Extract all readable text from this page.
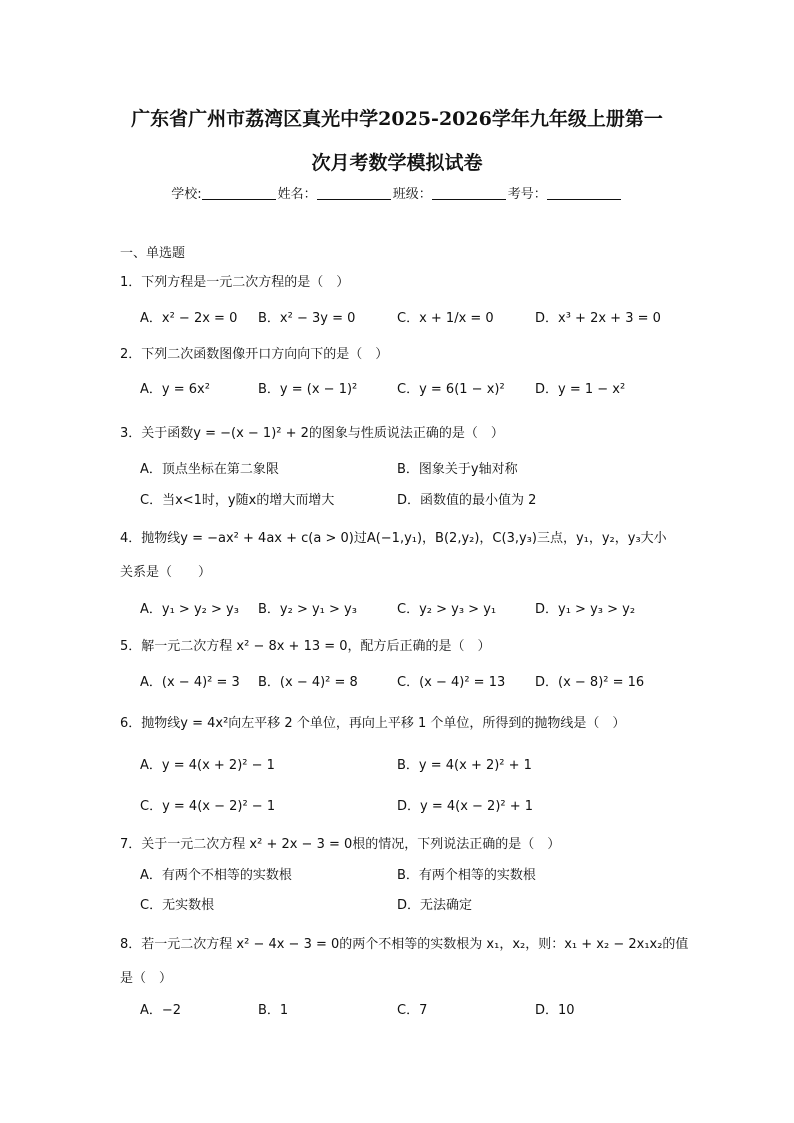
广东省广州市荔湾区真光中学2025-2026学年九年级上册第一
次月考数学模拟试卷
学校:	姓名：	班级：	考号：
一、单选题
1．下列方程是一元二次方程的是（　）
A．x² − 2x = 0 B．x² − 3y = 0	C．x + 1/x = 0	D．x³ + 2x + 3 = 0
2．下列二次函数图像开口方向向下的是（　）
A．y = 6x²	B．y = (x − 1)²	C．y = 6(1 − x)² D．y = 1 − x²
3．关于函数y = −(x − 1)² + 2的图象与性质说法正确的是（　）
A．顶点坐标在第二象限	B．图象关于y轴对称
C．当x<1时，y随x的增大而增大	D．函数值的最小值为 2
4．抛物线y = −ax² + 4ax + c(a > 0)过A(−1,y₁)，B(2,y₂)，C(3,y₃)三点，y₁，y₂，y₃大小
关系是（　　）
A．y₁ > y₂ > y₃ B．y₂ > y₁ > y₃	C．y₂ > y₃ > y₁	D．y₁ > y₃ > y₂
5．解一元二次方程 x² − 8x + 13 = 0，配方后正确的是（　）
A．(x − 4)² = 3 B．(x − 4)² = 8	C．(x − 4)² = 13 D．(x − 8)² = 16
6．抛物线y = 4x²向左平移 2 个单位，再向上平移 1 个单位，所得到的抛物线是（　）
A．y = 4(x + 2)² − 1	B．y = 4(x + 2)² + 1
C．y = 4(x − 2)² − 1	D．y = 4(x − 2)² + 1
7．关于一元二次方程 x² + 2x − 3 = 0根的情况，下列说法正确的是（　）
A．有两个不相等的实数根	B．有两个相等的实数根
C．无实数根	D．无法确定
8．若一元二次方程 x² − 4x − 3 = 0的两个不相等的实数根为 x₁，x₂，则：x₁ + x₂ − 2x₁x₂的值
是（　）
A．−2	B．1	C．7	D．10
